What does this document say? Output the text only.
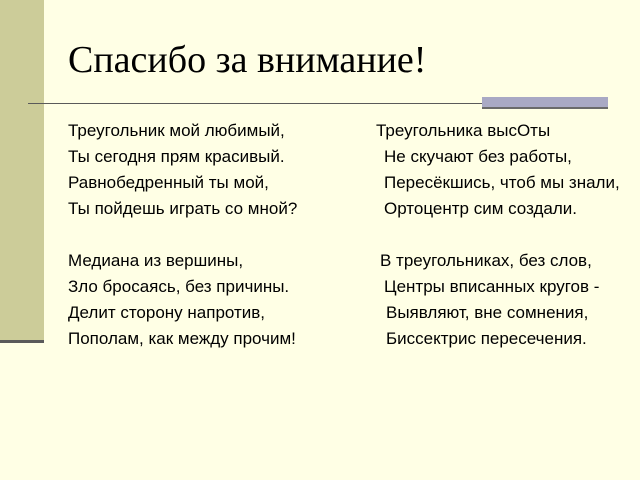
Спасибо за внимание!
Треугольник мой любимый,
Ты сегодня прям красивый.
Равнобедренный ты мой,
Ты пойдешь играть со мной?
Медиана из вершины,
Зло бросаясь, без причины.
Делит сторону напротив,
Пополам, как между прочим!
Треугольника высОты
Не скучают без работы,
Пересёкшись, чтоб мы знали,
Ортоцентр сим создали.
В треугольниках, без слов,
Центры вписанных кругов -
Выявляют, вне сомнения,
Биссектрис пересечения.
